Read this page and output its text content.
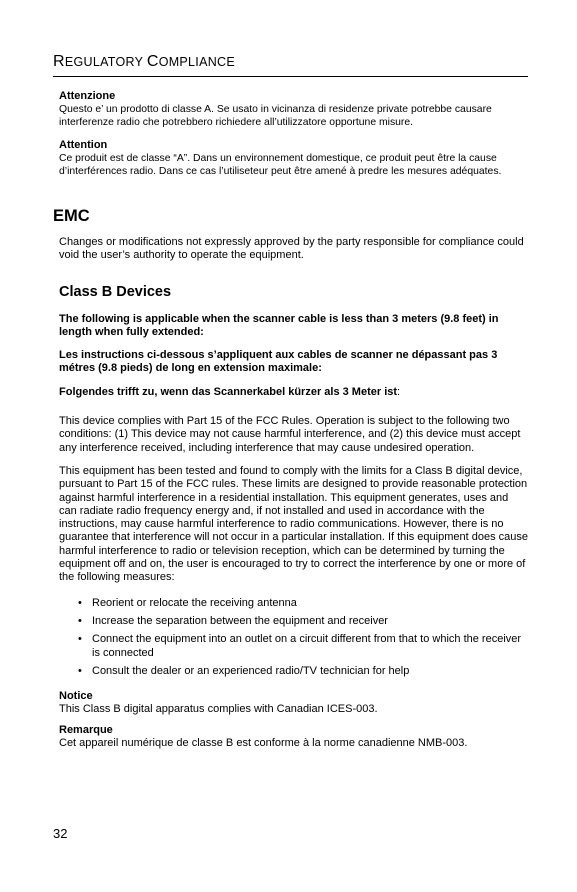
REGULATORY COMPLIANCE

Attenzione

Questo e’ un prodotto di classe A. Se usato in vicinanza di residenze private potrebbe causare interferenze radio che potrebbero richiedere all’utilizzatore opportune misure.

Attention

Ce produit est de classe “A”. Dans un environnement domestique, ce produit peut être la cause d’interférences radio. Dans ce cas l’utiliseteur peut être amené à predre les mesures adéquates.

EMC

Changes or modifications not expressly approved by the party responsible for compliance could void the user’s authority to operate the equipment.

Class B Devices

The following is applicable when the scanner cable is less than 3 meters (9.8 feet) in length when fully extended:

Les instructions ci-dessous s’appliquent aux cables de scanner ne dépassant pas 3 métres (9.8 pieds) de long en extension maximale:

Folgendes trifft zu, wenn das Scannerkabel kürzer als 3 Meter ist:

This device complies with Part 15 of the FCC Rules. Operation is subject to the following two conditions: (1) This device may not cause harmful interference, and (2) this device must accept any interference received, including interference that may cause undesired operation.

This equipment has been tested and found to comply with the limits for a Class B digital device, pursuant to Part 15 of the FCC rules. These limits are designed to provide reasonable protection against harmful interference in a residential installation. This equipment generates, uses and can radiate radio frequency energy and, if not installed and used in accordance with the instructions, may cause harmful interference to radio communications. However, there is no guarantee that interference will not occur in a particular installation. If this equipment does cause harmful interference to radio or television reception, which can be determined by turning the equipment off and on, the user is encouraged to try to correct the interference by one or more of the following measures:

• Reorient or relocate the receiving antenna
• Increase the separation between the equipment and receiver
• Connect the equipment into an outlet on a circuit different from that to which the receiver is connected
• Consult the dealer or an experienced radio/TV technician for help

Notice

This Class B digital apparatus complies with Canadian ICES-003.

Remarque

Cet appareil numérique de classe B est conforme à la norme canadienne NMB-003.

32
